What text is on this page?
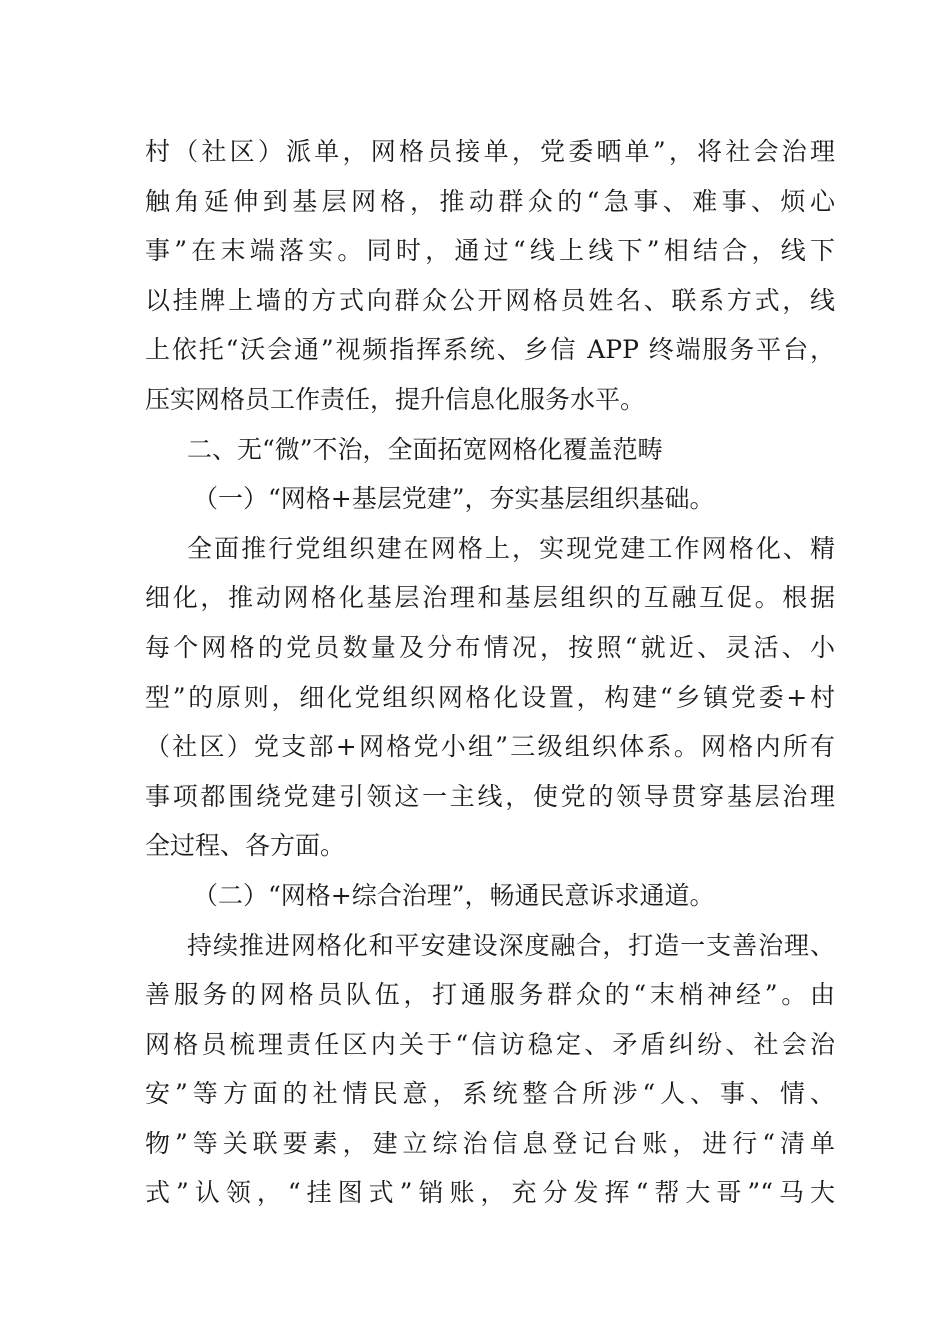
村（社区）派单，网格员接单，党委晒单”，将社会治理
触角延伸到基层网格，推动群众的“急事、难事、烦心
事”在末端落实。同时，通过“线上线下”相结合，线下
以挂牌上墙的方式向群众公开网格员姓名、联系方式，线
上依托“沃会通”视频指挥系统、乡信 APP 终端服务平台，
压实网格员工作责任，提升信息化服务水平。
二、无“微”不治，全面拓宽网格化覆盖范畴
（一）“网格+基层党建”，夯实基层组织基础。
全面推行党组织建在网格上，实现党建工作网格化、精
细化，推动网格化基层治理和基层组织的互融互促。根据
每个网格的党员数量及分布情况，按照“就近、灵活、小
型”的原则，细化党组织网格化设置，构建“乡镇党委+村
（社区）党支部+网格党小组”三级组织体系。网格内所有
事项都围绕党建引领这一主线，使党的领导贯穿基层治理
全过程、各方面。
（二）“网格+综合治理”，畅通民意诉求通道。
持续推进网格化和平安建设深度融合，打造一支善治理、
善服务的网格员队伍，打通服务群众的“末梢神经”。由
网格员梳理责任区内关于“信访稳定、矛盾纠纷、社会治
安”等方面的社情民意，系统整合所涉“人、事、情、
物”等关联要素，建立综治信息登记台账，进行“清单
式”认领，“挂图式”销账，充分发挥“帮大哥”“马大
